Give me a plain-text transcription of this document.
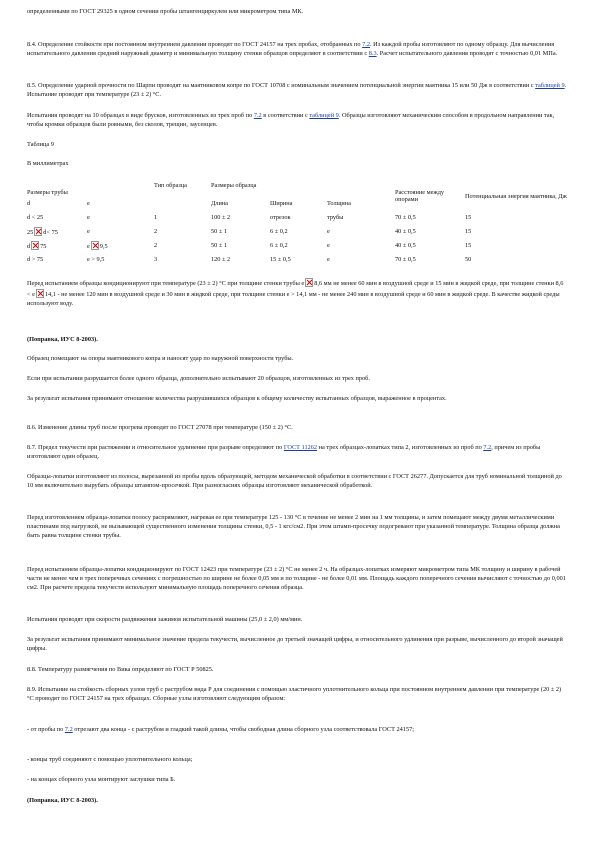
определенными по ГОСТ 29325 в одном сечении пробы штангенциркулем или микрометром типа МК.

8.4. Определение стойкости при постоянном внутреннем давлении проводят по ГОСТ 24157 на трех пробах, отобранных по 7.2. Из каждой пробы изготовляют по одному образцу. Для вычисления испытательного давления средний наружный диаметр и минимальную толщину стенки образцов определяют в соответствии с 8.3. Расчет испытательного давления проводят с точностью 0,01 МПа.

8.5. Определение ударной прочности по Шарпи проводят на маятниковом копре по ГОСТ 10708 с номинальным значением потенциальной энергии маятника 15 или 50 Дж в соответствии с таблицей 9. Испытание проводят при температуре (23 ± 2) °С.

Испытания проводят на 10 образцах в виде брусков, изготовленных из трех проб по 7.2 в соответствии с таблицей 9. Образцы изготовляют механическим способом в продольном направлении так, чтобы кромки образцов были ровными, без сколов, трещин, заусенцев.

Таблица 9

В миллиметрах

Размеры трубы		Тип образца	Размеры образца			Расстояние между опорами	Потенциальная энергия маятника, Дж
d	e		Длина	Ширина	Толщина		
d < 25	e	1	100 ± 2	отрезок	трубы	70 ± 0,5	15
25 d< 75	e	2	50 ± 1	6 ± 0,2	e	40 ± 0,5	15
d 75	e 9,5	2	50 ± 1	6 ± 0,2	e	40 ± 0,5	15
d > 75	e > 9,5	3	120 ± 2	15 ± 0,5	e	70 ± 0,5	50

Перед испытанием образцы кондиционируют при температуре (23 ± 2) °С при толщине стенки трубы e 8,6 мм не менее 60 мин в воздушной среде и 15 мин в жидкой среде, при толщине стенки 8,6 < e 14,1 - не менее 120 мин в воздушной среде и 30 мин в жидкой среде, при толщине стенки e > 14,1 мм - не менее 240 мин в воздушной среде и 60 мин в жидкой среде. В качестве жидкой среды используют воду.

(Поправка, ИУС 8-2003).

Образец помещают на опоры маятникового копра и наносят удар по наружной поверхности трубы.

Если при испытании разрушается более одного образца, дополнительно испытывают 20 образцов, изготовленных из трех проб.

За результат испытания принимают отношение количества разрушившихся образцов к общему количеству испытанных образцов, выраженное в процентах.

8.6. Изменение длины труб после прогрева проводят по ГОСТ 27078 при температуре (150 ± 2) °С.

8.7. Предел текучести при растяжении и относительное удлинение при разрыве определяют по ГОСТ 11262 на трех образцах-лопатках типа 2, изготовленных из проб по 7.2, причем из пробы изготовляют один образец.

Образцы-лопатки изготовляют из полосы, вырезанной из пробы вдоль образующей, методом механической обработки в соответствии с ГОСТ 26277. Допускается для труб номинальной толщиной до 10 мм включительно вырубать образцы штампом-просечкой. При разногласиях образцы изготовляют механической обработкой.

Перед изготовлением образца-лопатки полосу распрямляют, нагревая ее при температуре 125 - 130 °С в течение не менее 2 мин на 1 мм толщины, и затем помещают между двумя металлическими пластинами под нагрузкой, не вызывающей существенного изменения толщины стенки, 0,5 - 1 кгс/см2. При этом штамп-просечку подогревают при указанной температуре. Толщина образца должна быть равна толщине стенки трубы.

Перед испытанием образцы-лопатки кондиционируют по ГОСТ 12423 при температуре (23 ± 2) °С не менее 2 ч. На образцах-лопатках измеряют микрометром типа МК толщину и ширину в рабочей части не менее чем в трех поперечных сечениях с погрешностью по ширине не более 0,05 мм и по толщине - не более 0,01 мм. Площадь каждого поперечного сечения вычисляют с точностью до 0,001 см2. При расчете предела текучести используют минимальную площадь поперечного сечения образца.

Испытания проводят при скорости раздвижения зажимов испытательной машины (25,0 ± 2,0) мм/мин.

За результат испытания принимают минимальное значение предела текучести, вычисленное до третьей значащей цифры, и относительного удлинения при разрыве, вычисленного до второй значащей цифры.

8.8. Температуру размягчения по Вика определяют по ГОСТ Р 50825.

8.9. Испытание на стойкость сборных узлов труб с раструбом вида Р для соединения с помощью эластичного уплотнительного кольца при постоянном внутреннем давлении при температуре (20 ± 2) °С проводят по ГОСТ 24157 на трех образцах. Сборные узлы изготовляют следующим образом:

- от пробы по 7.2 отрезают два конца - с раструбом и гладкий такой длины, чтобы свободная длина сборного узла соответствовала ГОСТ 24157;

- концы труб соединяют с помощью уплотнительного кольца;

- на концах сборного узла монтируют заглушки типа Б.

(Поправка, ИУС 8-2003).
